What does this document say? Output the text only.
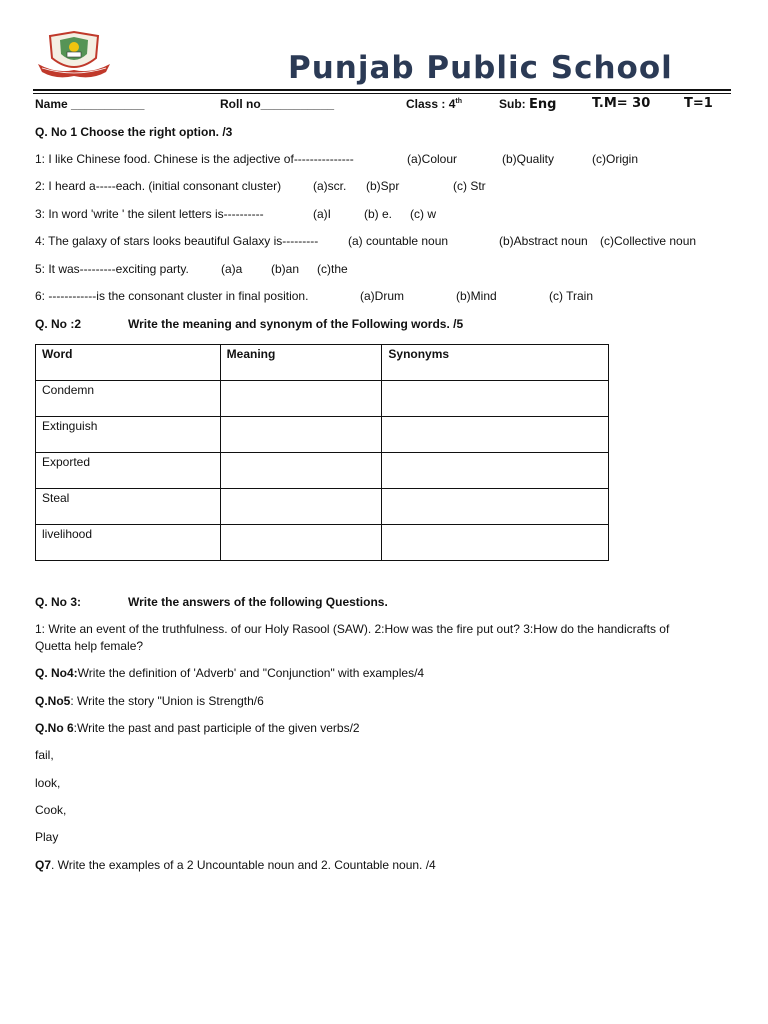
Punjab Public School
Name ___________	Roll no___________	Class : 4th	Sub: Eng	T.M= 30	T=1
Q. No 1 Choose the right option. /3
1: I like Chinese food. Chinese is the adjective of---------------	(a)Colour	(b)Quality	(c)Origin
2: I heard a-----each. (initial consonant cluster)	(a)scr. (b)Spr	(c) Str
3: In word 'write ' the silent letters is----------	(a)I	(b) e. (c) w
4: The galaxy of stars looks beautiful Galaxy is--------- (a) countable noun	(b)Abstract noun (c)Collective noun
5: It was---------exciting party.	(a)a (b)an (c)the
6: ------------is the consonant cluster in final position.	(a)Drum	(b)Mind	(c) Train
Q. No :2	Write the meaning and synonym of the Following words. /5
Word	Meaning	Synonyms
Condemn		
Extinguish		
Exported		
Steal		
livelihood		
Q. No 3:	Write the answers of the following Questions.
1: Write an event of the truthfulness. of our Holy Rasool (SAW). 2:How was the fire put out? 3:How do the handicrafts of Quetta help female?
Q. No4:Write the definition of 'Adverb' and "Conjunction" with examples/4
Q.No5: Write the story "Union is Strength/6
Q.No 6:Write the past and past participle of the given verbs/2
fail,
look,
Cook,
Play
Q7. Write the examples of a 2 Uncountable noun and 2. Countable noun. /4
